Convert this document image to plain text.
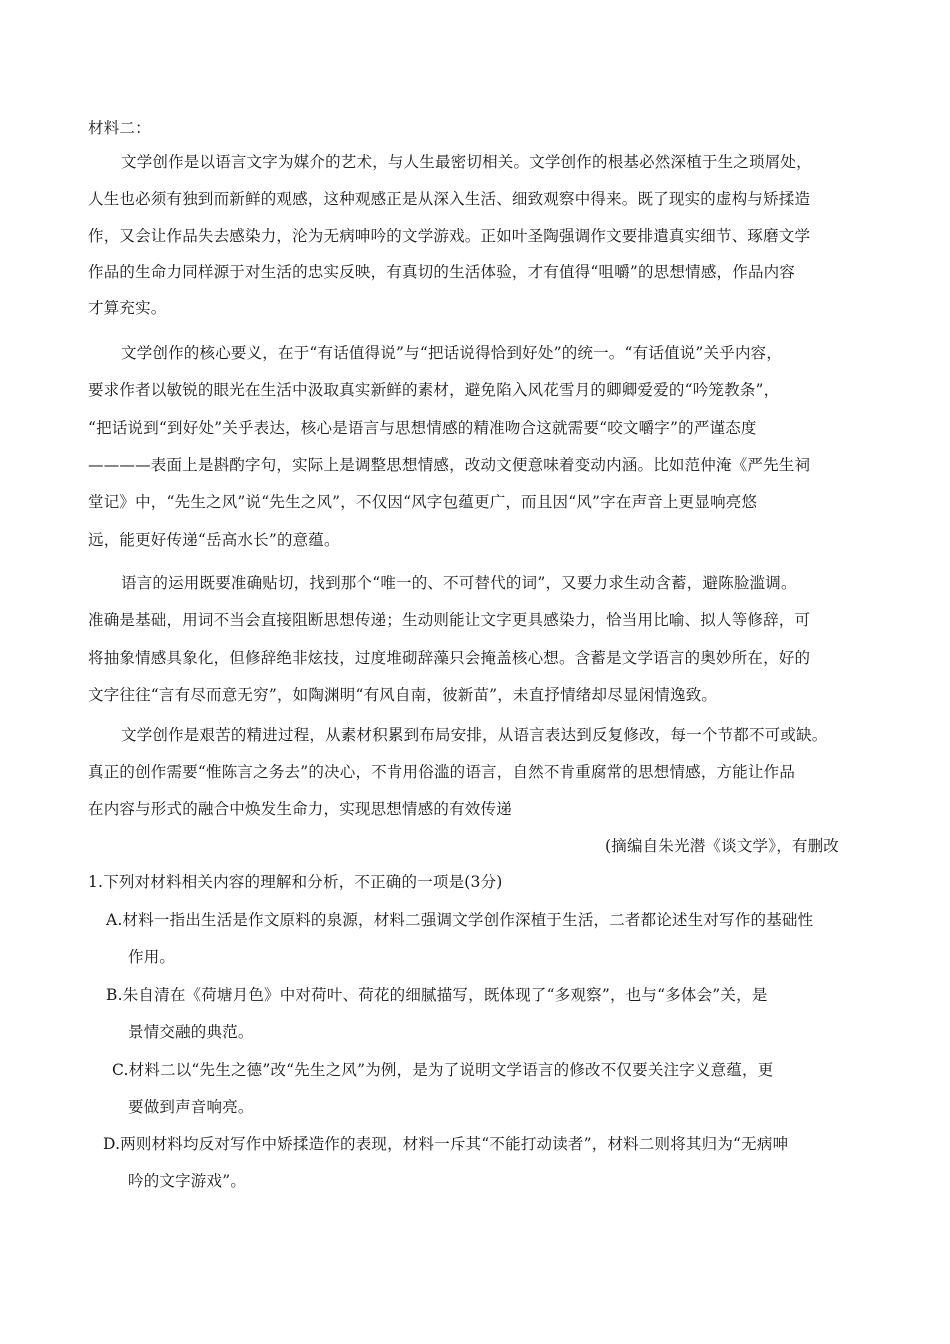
材料二：
文学创作是以语言文字为媒介的艺术，与人生最密切相关。文学创作的根基必然深植于生之琐屑处，
人生也必须有独到而新鲜的观感，这种观感正是从深入生活、细致观察中得来。既了现实的虚构与矫揉造
作，又会让作品失去感染力，沦为无病呻吟的文学游戏。正如叶圣陶强调作文要排遣真实细节、琢磨文学
作品的生命力同样源于对生活的忠实反映，有真切的生活体验，才有值得“咀嚼”的思想情感，作品内容
才算充实。
文学创作的核心要义，在于“有话值得说”与“把话说得恰到好处”的统一。“有话值说”关乎内容，
要求作者以敏锐的眼光在生活中汲取真实新鲜的素材，避免陷入风花雪月的卿卿爱爱的“吟笼教条”，
“把话说到“到好处”关乎表达，核心是语言与思想情感的精准吻合这就需要“咬文嚼字”的严谨态度
————表面上是斟酌字句，实际上是调整思想情感，改动文便意味着变动内涵。比如范仲淹《严先生祠
堂记》中，“先生之风”说“先生之风”，不仅因“风字包蕴更广，而且因“风”字在声音上更显响亮悠
远，能更好传递“岳高水长”的意蕴。
语言的运用既要准确贴切，找到那个“唯一的、不可替代的词”，又要力求生动含蓄，避陈脸滥调。
准确是基础，用词不当会直接阻断思想传递；生动则能让文字更具感染力，恰当用比喻、拟人等修辞，可
将抽象情感具象化，但修辞绝非炫技，过度堆砌辞藻只会掩盖核心想。含蓄是文学语言的奥妙所在，好的
文字往往“言有尽而意无穷”，如陶渊明“有风自南，彼新苗”，未直抒情绪却尽显闲情逸致。
文学创作是艰苦的精进过程，从素材积累到布局安排，从语言表达到反复修改，每一个节都不可或缺。
真正的创作需要“惟陈言之务去”的决心，不肯用俗滥的语言，自然不肯重腐常的思想情感，方能让作品
在内容与形式的融合中焕发生命力，实现思想情感的有效传递
(摘编自朱光潜《谈文学》，有删改
1.下列对材料相关内容的理解和分析，不正确的一项是(3分)
A.材料一指出生活是作文原料的泉源，材料二强调文学创作深植于生活，二者都论述生对写作的基础性
作用。
B.朱自清在《荷塘月色》中对荷叶、荷花的细腻描写，既体现了“多观察”，也与“多体会”关，是
景情交融的典范。
C.材料二以“先生之德”改“先生之风”为例，是为了说明文学语言的修改不仅要关注字义意蕴，更
要做到声音响亮。
D.两则材料均反对写作中矫揉造作的表现，材料一斥其“不能打动读者”，材料二则将其归为“无病呻
吟的文字游戏”。
